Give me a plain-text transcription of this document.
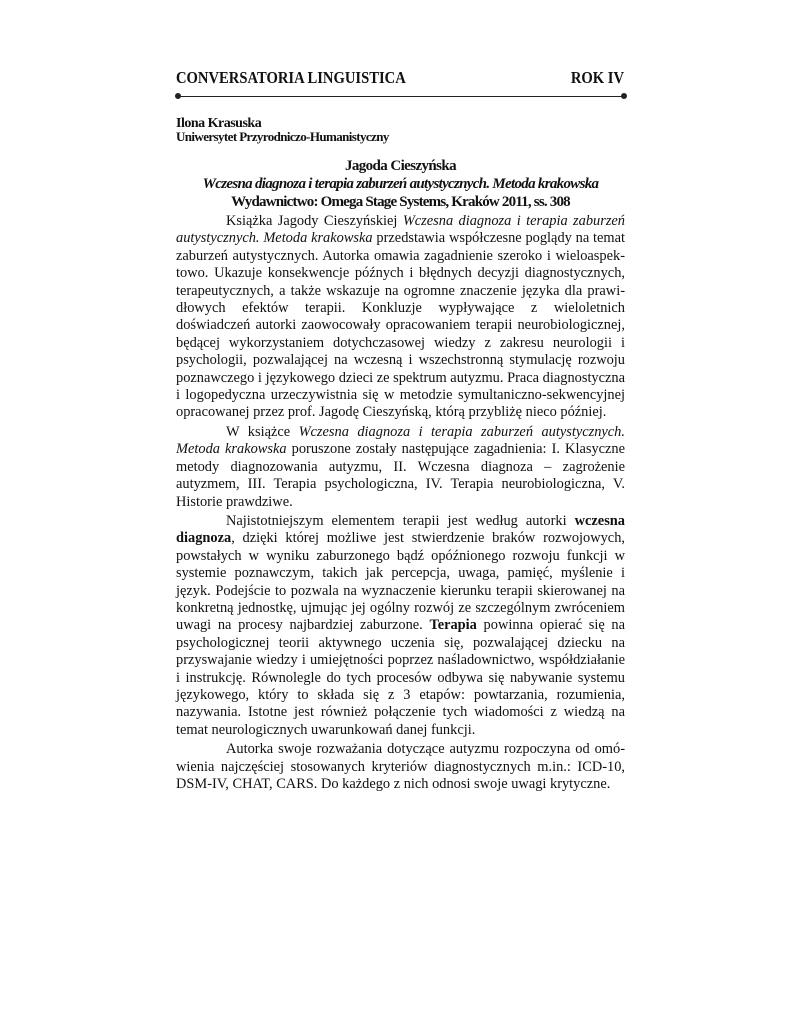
CONVERSATORIA LINGUISTICA	ROK IV
Ilona Krasuska
Uniwersytet Przyrodniczo-Humanistyczny
Jagoda Cieszyńska
Wczesna diagnoza i terapia zaburzeń autystycznych. Metoda krakowska
Wydawnictwo: Omega Stage Systems, Kraków 2011, ss. 308

Książka Jagody Cieszyńskiej Wczesna diagnoza i terapia zaburzeń autystycznych. Metoda krakowska przedstawia współczesne poglądy na temat zaburzeń autystycznych. Autorka omawia zagadnienie szeroko i wieloaspektowo. Ukazuje konsekwencje późnych i błędnych decyzji diagnostycznych, terapeutycznych, a także wskazuje na ogromne znaczenie języka dla prawidłowych efektów terapii. Konkluzje wypływające z wieloletnich doświadczeń autorki zaowocowały opracowaniem terapii neurobiologicznej, będącej wykorzystaniem dotychczasowej wiedzy z zakresu neurologii i psychologii, pozwalającej na wczesną i wszechstronną stymulację rozwoju poznawczego i językowego dzieci ze spektrum autyzmu. Praca diagnostyczna i logopedyczna urzeczywistnia się w metodzie symultaniczno-sekwencyjnej opracowanej przez prof. Jagodę Cieszyńską, którą przybliżę nieco później.

W książce Wczesna diagnoza i terapia zaburzeń autystycznych. Metoda krakowska poruszone zostały następujące zagadnienia: I. Klasyczne metody diagnozowania autyzmu, II. Wczesna diagnoza – zagrożenie autyzmem, III. Terapia psychologiczna, IV. Terapia neurobiologiczna, V. Historie prawdziwe.

Najistotniejszym elementem terapii jest według autorki wczesna diagnoza, dzięki której możliwe jest stwierdzenie braków rozwojowych, powstałych w wyniku zaburzonego bądź opóźnionego rozwoju funkcji w systemie poznawczym, takich jak percepcja, uwaga, pamięć, myślenie i język. Podejście to pozwala na wyznaczenie kierunku terapii skierowanej na konkretną jednostkę, ujmując jej ogólny rozwój ze szczególnym zwróceniem uwagi na procesy najbardziej zaburzone. Terapia powinna opierać się na psychologicznej teorii aktywnego uczenia się, pozwalającej dziecku na przyswajanie wiedzy i umiejętności poprzez naśladownictwo, współdziałanie i instrukcję. Równolegle do tych procesów odbywa się nabywanie systemu językowego, który to składa się z 3 etapów: powtarzania, rozumienia, nazywania. Istotne jest również połączenie tych wiadomości z wiedzą na temat neurologicznych uwarunkowań danej funkcji.

Autorka swoje rozważania dotyczące autyzmu rozpoczyna od omówienia najczęściej stosowanych kryteriów diagnostycznych m.in.: ICD-10, DSM-IV, CHAT, CARS. Do każdego z nich odnosi swoje uwagi krytyczne.
